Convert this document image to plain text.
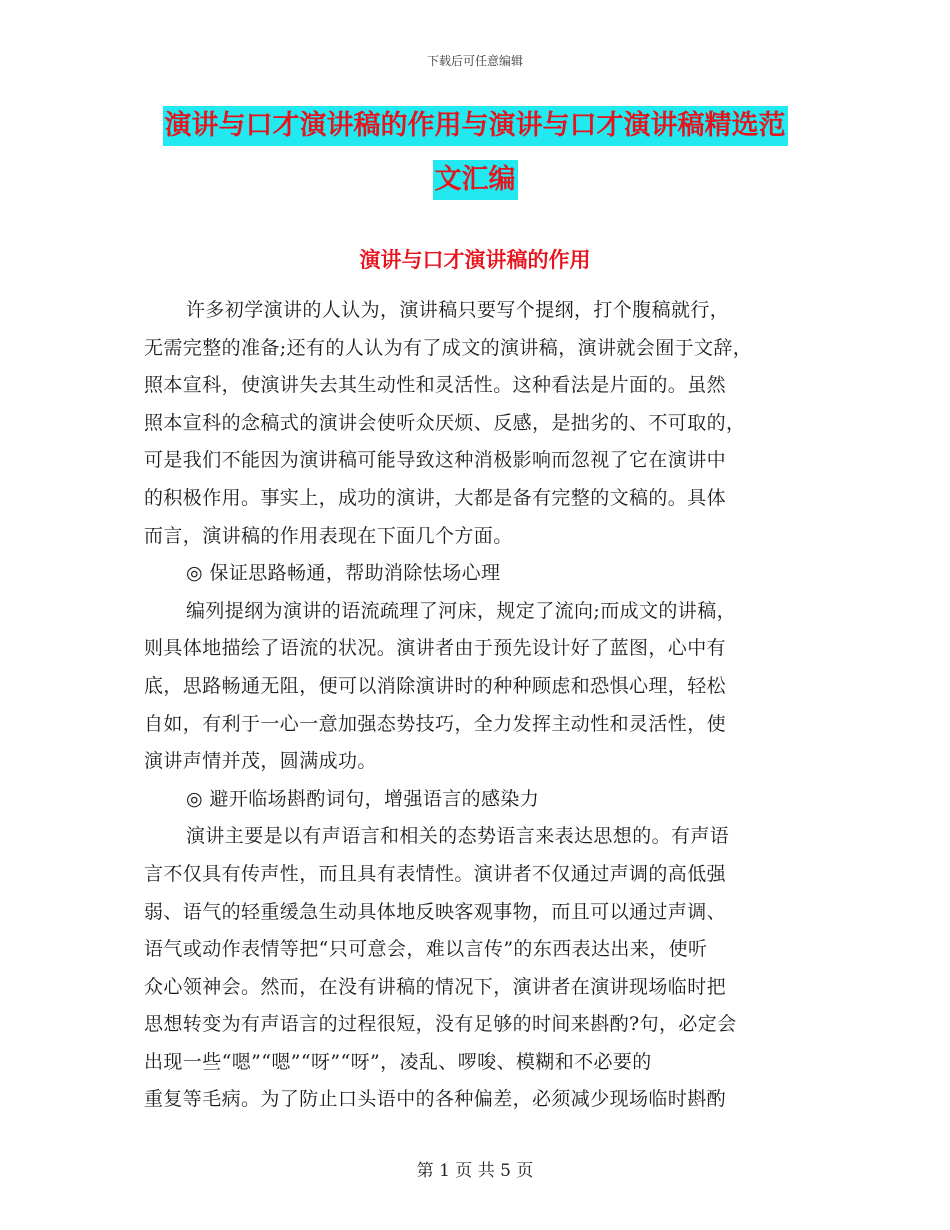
下载后可任意编辑
演讲与口才演讲稿的作用与演讲与口才演讲稿精选范
文汇编
演讲与口才演讲稿的作用
许多初学演讲的人认为，演讲稿只要写个提纲，打个腹稿就行，
无需完整的准备;还有的人认为有了成文的演讲稿，演讲就会囿于文辞，
照本宣科，使演讲失去其生动性和灵活性。这种看法是片面的。虽然
照本宣科的念稿式的演讲会使听众厌烦、反感，是拙劣的、不可取的，
可是我们不能因为演讲稿可能导致这种消极影响而忽视了它在演讲中
的积极作用。事实上，成功的演讲，大都是备有完整的文稿的。具体
而言，演讲稿的作用表现在下面几个方面。
◎ 保证思路畅通，帮助消除怯场心理
编列提纲为演讲的语流疏理了河床，规定了流向;而成文的讲稿，
则具体地描绘了语流的状况。演讲者由于预先设计好了蓝图，心中有
底，思路畅通无阻，便可以消除演讲时的种种顾虑和恐惧心理，轻松
自如，有利于一心一意加强态势技巧，全力发挥主动性和灵活性，使
演讲声情并茂，圆满成功。
◎ 避开临场斟酌词句，增强语言的感染力
演讲主要是以有声语言和相关的态势语言来表达思想的。有声语
言不仅具有传声性，而且具有表情性。演讲者不仅通过声调的高低强
弱、语气的轻重缓急生动具体地反映客观事物，而且可以通过声调、
语气或动作表情等把“只可意会，难以言传”的东西表达出来，使听
众心领神会。然而，在没有讲稿的情况下，演讲者在演讲现场临时把
思想转变为有声语言的过程很短，没有足够的时间来斟酌?句，必定会
出现一些“嗯”“嗯”“呀”“呀”，凌乱、啰唆、模糊和不必要的
重复等毛病。为了防止口头语中的各种偏差，必须减少现场临时斟酌
第 1 页 共 5 页
